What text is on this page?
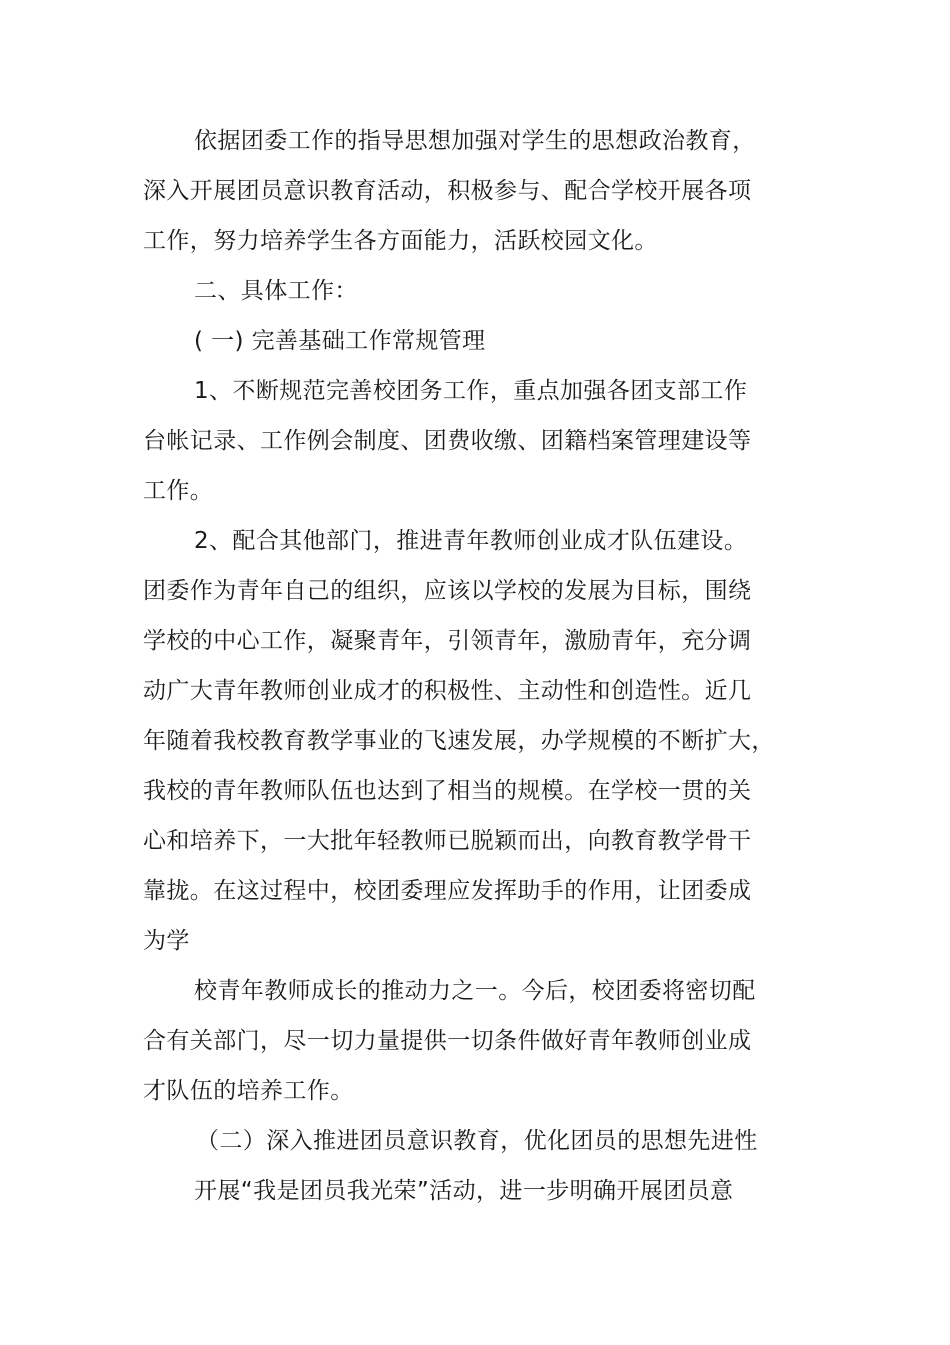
依据团委工作的指导思想加强对学生的思想政治教育，
深入开展团员意识教育活动，积极参与、配合学校开展各项
工作，努力培养学生各方面能力，活跃校园文化。
二、具体工作：
( 一) 完善基础工作常规管理
1、不断规范完善校团务工作，重点加强各团支部工作
台帐记录、工作例会制度、团费收缴、团籍档案管理建设等
工作。
2、配合其他部门，推进青年教师创业成才队伍建设。
团委作为青年自己的组织，应该以学校的发展为目标，围绕
学校的中心工作，凝聚青年，引领青年，激励青年，充分调
动广大青年教师创业成才的积极性、主动性和创造性。近几
年随着我校教育教学事业的飞速发展，办学规模的不断扩大，
我校的青年教师队伍也达到了相当的规模。在学校一贯的关
心和培养下，一大批年轻教师已脱颖而出，向教育教学骨干
靠拢。在这过程中，校团委理应发挥助手的作用，让团委成
为学
校青年教师成长的推动力之一。今后，校团委将密切配
合有关部门，尽一切力量提供一切条件做好青年教师创业成
才队伍的培养工作。
（二）深入推进团员意识教育，优化团员的思想先进性
开展“我是团员我光荣”活动，进一步明确开展团员意
